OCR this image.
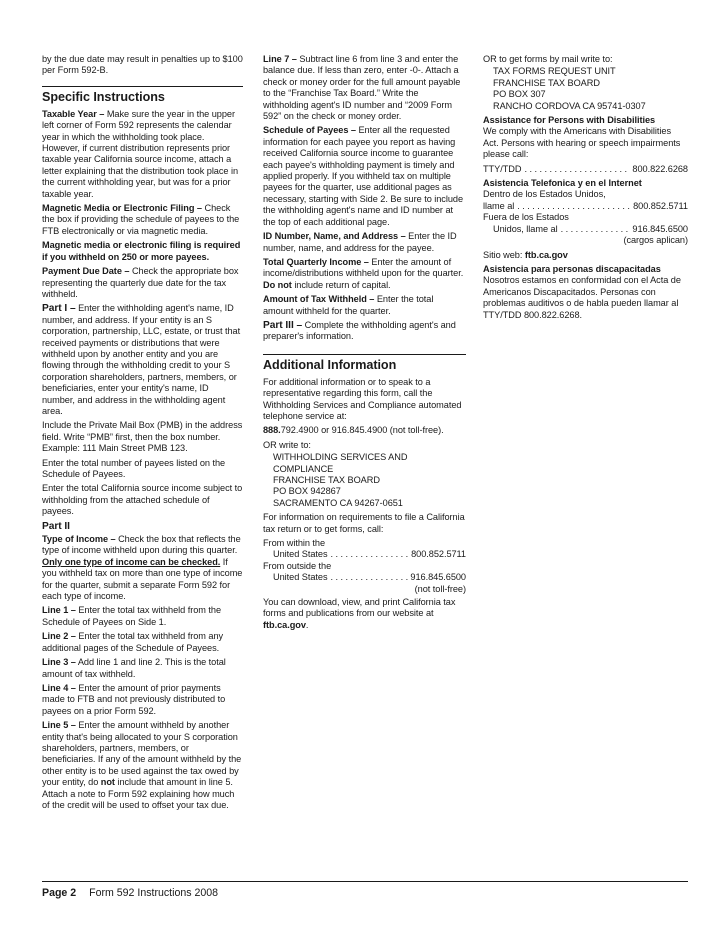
by the due date may result in penalties up to $100 per Form 592-B.

Specific Instructions

Taxable Year – Make sure the year in the upper left corner of Form 592 represents the calendar year in which the withholding took place. However, if current distribution represents prior taxable year California source income, attach a letter explaining that the distribution took place in the current withholding year, but was for a prior taxable year.

Magnetic Media or Electronic Filing – Check the box if providing the schedule of payees to the FTB electronically or via magnetic media.

Magnetic media or electronic filing is required if you withheld on 250 or more payees.

Payment Due Date – Check the appropriate box representing the quarterly due date for the tax withheld.

Part I – Enter the withholding agent's name, ID number, and address. If your entity is an S corporation, partnership, LLC, estate, or trust that received payments or distributions that were withheld upon by another entity and you are flowing through the withholding credit to your S corporation shareholders, partners, members, or beneficiaries, enter your entity's name, ID number, and address in the withholding agent area.

Include the Private Mail Box (PMB) in the address field. Write “PMB” first, then the box number. Example: 111 Main Street PMB 123.

Enter the total number of payees listed on the Schedule of Payees.

Enter the total California source income subject to withholding from the attached schedule of payees.

Part II

Type of Income – Check the box that reflects the type of income withheld upon during this quarter. Only one type of income can be checked. If you withheld tax on more than one type of income for the quarter, submit a separate Form 592 for each type of income.

Line 1 – Enter the total tax withheld from the Schedule of Payees on Side 1.

Line 2 – Enter the total tax withheld from any additional pages of the Schedule of Payees.

Line 3 – Add line 1 and line 2. This is the total amount of tax withheld.

Line 4 – Enter the amount of prior payments made to FTB and not previously distributed to payees on a prior Form 592.

Line 5 – Enter the amount withheld by another entity that's being allocated to your S corporation shareholders, partners, members, or beneficiaries. If any of the amount withheld by the other entity is to be used against the tax owed by your entity, do not include that amount in line 5. Attach a note to Form 592 explaining how much of the credit will be used to offset your tax due.

Line 7 – Subtract line 6 from line 3 and enter the balance due. If less than zero, enter -0-. Attach a check or money order for the full amount payable to the “Franchise Tax Board.” Write the withholding agent's ID number and “2009 Form 592” on the check or money order.

Schedule of Payees – Enter all the requested information for each payee you report as having received California source income to guarantee each payee's withholding payment is timely and applied properly. If you withheld tax on multiple payees for the quarter, use additional pages as necessary, starting with Side 2. Be sure to include the withholding agent's name and ID number at the top of each additional page.

ID Number, Name, and Address – Enter the ID number, name, and address for the payee.

Total Quarterly Income – Enter the amount of income/distributions withheld upon for the quarter. Do not include return of capital.

Amount of Tax Withheld – Enter the total amount withheld for the quarter.

Part III – Complete the withholding agent's and preparer's information.

Additional Information

For additional information or to speak to a representative regarding this form, call the Withholding Services and Compliance automated telephone service at:

888.792.4900 or 916.845.4900 (not toll-free).

OR write to:

WITHHOLDING SERVICES AND
COMPLIANCE
FRANCHISE TAX BOARD
PO BOX 942867
SACRAMENTO CA 94267-0651

For information on requirements to file a California tax return or to get forms, call:

From within the
United States . . .	800.852.5711
From outside the
United States . . .	916.845.6500

(not toll-free)

You can download, view, and print California tax forms and publications from our website at ftb.ca.gov.

OR to get forms by mail write to:

TAX FORMS REQUEST UNIT
FRANCHISE TAX BOARD
PO BOX 307
RANCHO CORDOVA CA 95741-0307
Assistance for Persons with Disabilities

We comply with the Americans with Disabilities Act. Persons with hearing or speech impairments please call:

TTY/TDD . . .	800.822.6268
Asistencia Telefonica y en el Internet
Dentro de los Estados Unidos,
llame al . . .	800.852.5711
Fuera de los Estados
Unidos, llame al . . .	916.845.6500

(cargos aplican)

Sitio web: ftb.ca.gov

Asistencia para personas discapacitadas

Nosotros estamos en conformidad con el Acta de Americanos Discapacitados. Personas con problemas auditivos o de habla pueden llamar al TTY/TDD 800.822.6268.

Page 2 Form 592 Instructions 2008
